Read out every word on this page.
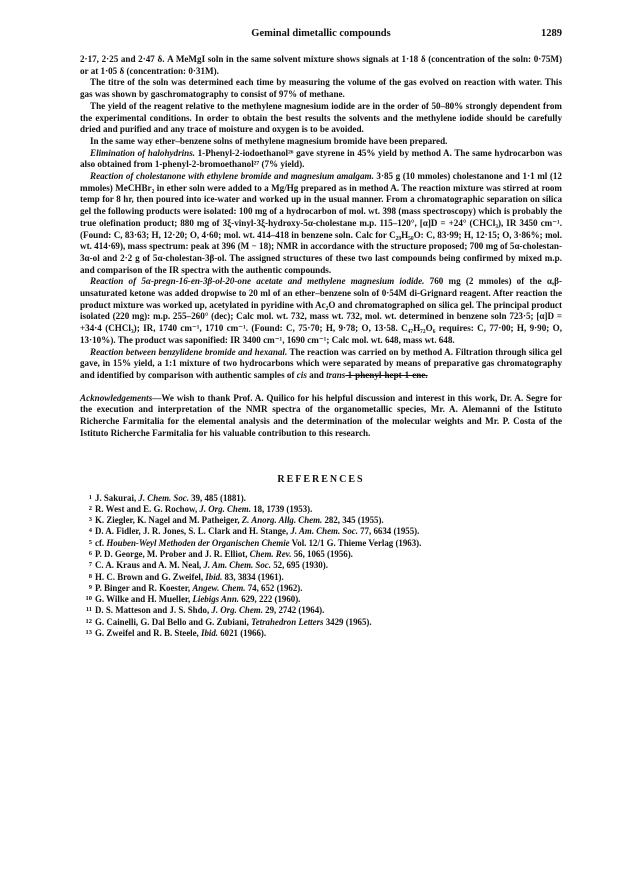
Geminal dimetallic compounds	1289

2·17, 2·25 and 2·47 δ. A MeMgI soln in the same solvent mixture shows signals at 1·18 δ (concentration of the soln: 0·75M) or at 1·05 δ (concentration: 0·31M).

The titre of the soln was determined each time by measuring the volume of the gas evolved on reaction with water. This gas was shown by gaschromatography to consist of 97% of methane.

The yield of the reagent relative to the methylene magnesium iodide are in the order of 50–80% strongly dependent from the experimental conditions. In order to obtain the best results the solvents and the methylene iodide should be carefully dried and purified and any trace of moisture and oxygen is to be avoided.

In the same way ether–benzene solns of methylene magnesium bromide have been prepared.

Elimination of halohydrins. 1-Phenyl-2-iodoethanol²⁶ gave styrene in 45% yield by method A. The same hydrocarbon was also obtained from 1-phenyl-2-bromoethanol²⁷ (7% yield).

Reaction of cholestanone with ethylene bromide and magnesium amalgam. 3·85 g (10 mmoles) cholestanone and 1·1 ml (12 mmoles) MeCHBr₂ in ether soln were added to a Mg/Hg prepared as in method A. The reaction mixture was stirred at room temp for 8 hr, then poured into ice-water and worked up in the usual manner. From a chromatographic separation on silica gel the following products were isolated: 100 mg of a hydrocarbon of mol. wt. 398 (mass spectroscopy) which is probably the true olefination product; 880 mg of 3ξ-vinyl-3ξ-hydroxy-5α-cholestane m.p. 115–120°, [α]D = +24° (CHCl₃), IR 3450 cm⁻¹. (Found: C, 83·63; H, 12·20; O, 4·60; mol. wt. 414–418 in benzene soln. Calc for C₂₉H₅₀O: C, 83·99; H, 12·15; O, 3·86%; mol. wt. 414·69), mass spectrum: peak at 396 (M − 18); NMR in accordance with the structure proposed; 700 mg of 5α-cholestan-3α-ol and 2·2 g of 5α-cholestan-3β-ol. The assigned structures of these two last compounds being confirmed by mixed m.p. and comparison of the IR spectra with the authentic compounds.

Reaction of 5α-pregn-16-en-3β-ol-20-one acetate and methylene magnesium iodide. 760 mg (2 mmoles) of the α,β-unsaturated ketone was added dropwise to 20 ml of an ether–benzene soln of 0·54M di-Grignard reagent. After reaction the product mixture was worked up, acetylated in pyridine with Ac₂O and chromatographed on silica gel. The principal product isolated (220 mg): m.p. 255–260° (dec); Calc mol. wt. 732, mass wt. 732, mol. wt. determined in benzene soln 723·5; [α]D = +34·4 (CHCl₃); IR, 1740 cm⁻¹, 1710 cm⁻¹. (Found: C, 75·70; H, 9·78; O, 13·58. C₄₇H₇₂O₆ requires: C, 77·00; H, 9·90; O, 13·10%). The product was saponified: IR 3400 cm⁻¹, 1690 cm⁻¹; Calc mol. wt. 648, mass wt. 648.

Reaction between benzylidene bromide and hexanal. The reaction was carried on by method A. Filtration through silica gel gave, in 15% yield, a 1:1 mixture of two hydrocarbons which were separated by means of preparative gas chromatography and identified by comparison with authentic samples of cis and trans 1-phenyl-hept-1-ene.

Acknowledgements—We wish to thank Prof. A. Quilico for his helpful discussion and interest in this work, Dr. A. Segre for the execution and interpretation of the NMR spectra of the organometallic species, Mr. A. Alemanni of the Istituto Richerche Farmitalia for the elemental analysis and the determination of the molecular weights and Mr. P. Costa of the Istituto Richerche Farmitalia for his valuable contribution to this research.

REFERENCES
1 J. Sakurai, J. Chem. Soc. 39, 485 (1881).
2 R. West and E. G. Rochow, J. Org. Chem. 18, 1739 (1953).
3 K. Ziegler, K. Nagel and M. Patheiger, Z. Anorg. Allg. Chem. 282, 345 (1955).
4 D. A. Fidler, J. R. Jones, S. L. Clark and H. Stange, J. Am. Chem. Soc. 77, 6634 (1955).
5 cf. Houben-Weyl Methoden der Organischen Chemie Vol. 12/1 G. Thieme Verlag (1963).
6 P. D. George, M. Prober and J. R. Elliot, Chem. Rev. 56, 1065 (1956).
7 C. A. Kraus and A. M. Neal, J. Am. Chem. Soc. 52, 695 (1930).
8 H. C. Brown and G. Zweifel, Ibid. 83, 3834 (1961).
9 P. Binger and R. Koester, Angew. Chem. 74, 652 (1962).
10 G. Wilke and H. Mueller, Liebigs Ann. 629, 222 (1960).
11 D. S. Matteson and J. S. Shdo, J. Org. Chem. 29, 2742 (1964).
12 G. Cainelli, G. Dal Bello and G. Zubiani, Tetrahedron Letters 3429 (1965).
13 G. Zweifel and R. B. Steele, Ibid. 6021 (1966).
